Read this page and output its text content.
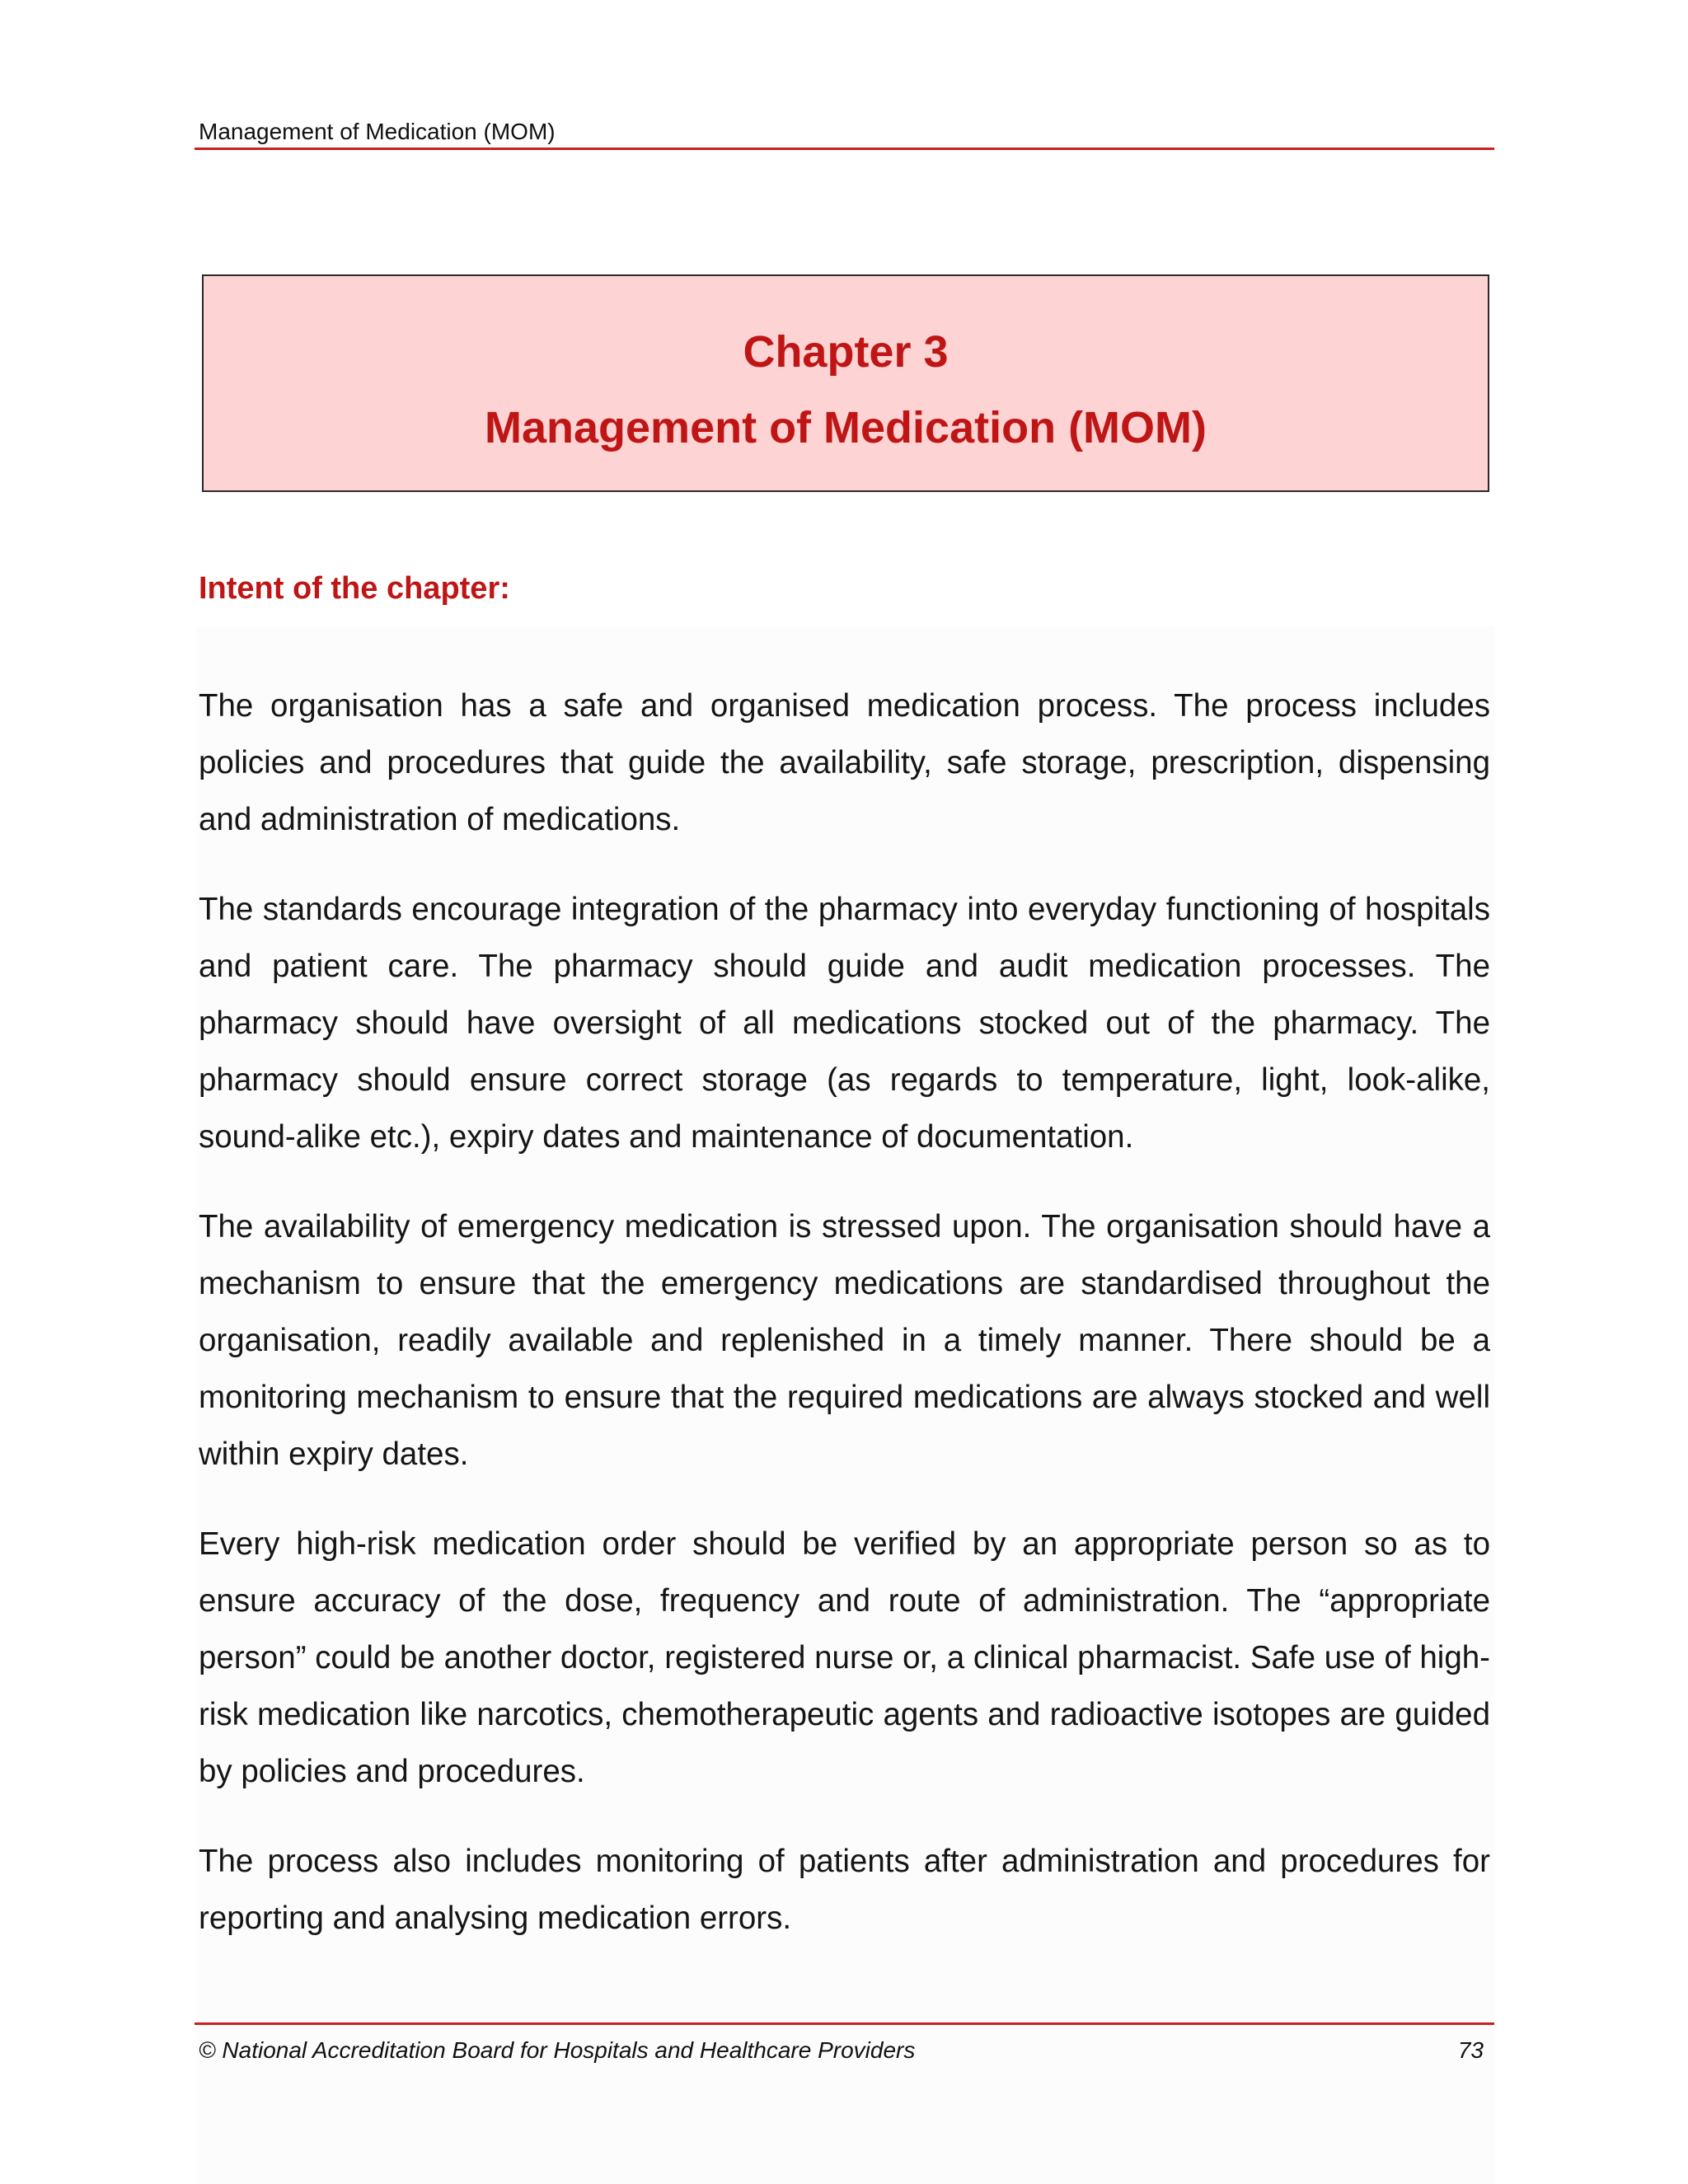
Management of Medication (MOM)
Chapter 3
Management of Medication (MOM)
Intent of the chapter:

The organisation has a safe and organised medication process. The process includes policies and procedures that guide the availability, safe storage, prescription, dispensing and administration of medications.

The standards encourage integration of the pharmacy into everyday functioning of hospitals and patient care. The pharmacy should guide and audit medication processes. The pharmacy should have oversight of all medications stocked out of the pharmacy. The pharmacy should ensure correct storage (as regards to temperature, light, look-alike, sound-alike etc.), expiry dates and maintenance of documentation.

The availability of emergency medication is stressed upon. The organisation should have a mechanism to ensure that the emergency medications are standardised throughout the organisation, readily available and replenished in a timely manner. There should be a monitoring mechanism to ensure that the required medications are always stocked and well within expiry dates.

Every high-risk medication order should be verified by an appropriate person so as to ensure accuracy of the dose, frequency and route of administration. The “appropriate person” could be another doctor, registered nurse or, a clinical pharmacist. Safe use of high-risk medication like narcotics, chemotherapeutic agents and radioactive isotopes are guided by policies and procedures.

The process also includes monitoring of patients after administration and procedures for reporting and analysing medication errors.

© National Accreditation Board for Hospitals and Healthcare Providers	73
